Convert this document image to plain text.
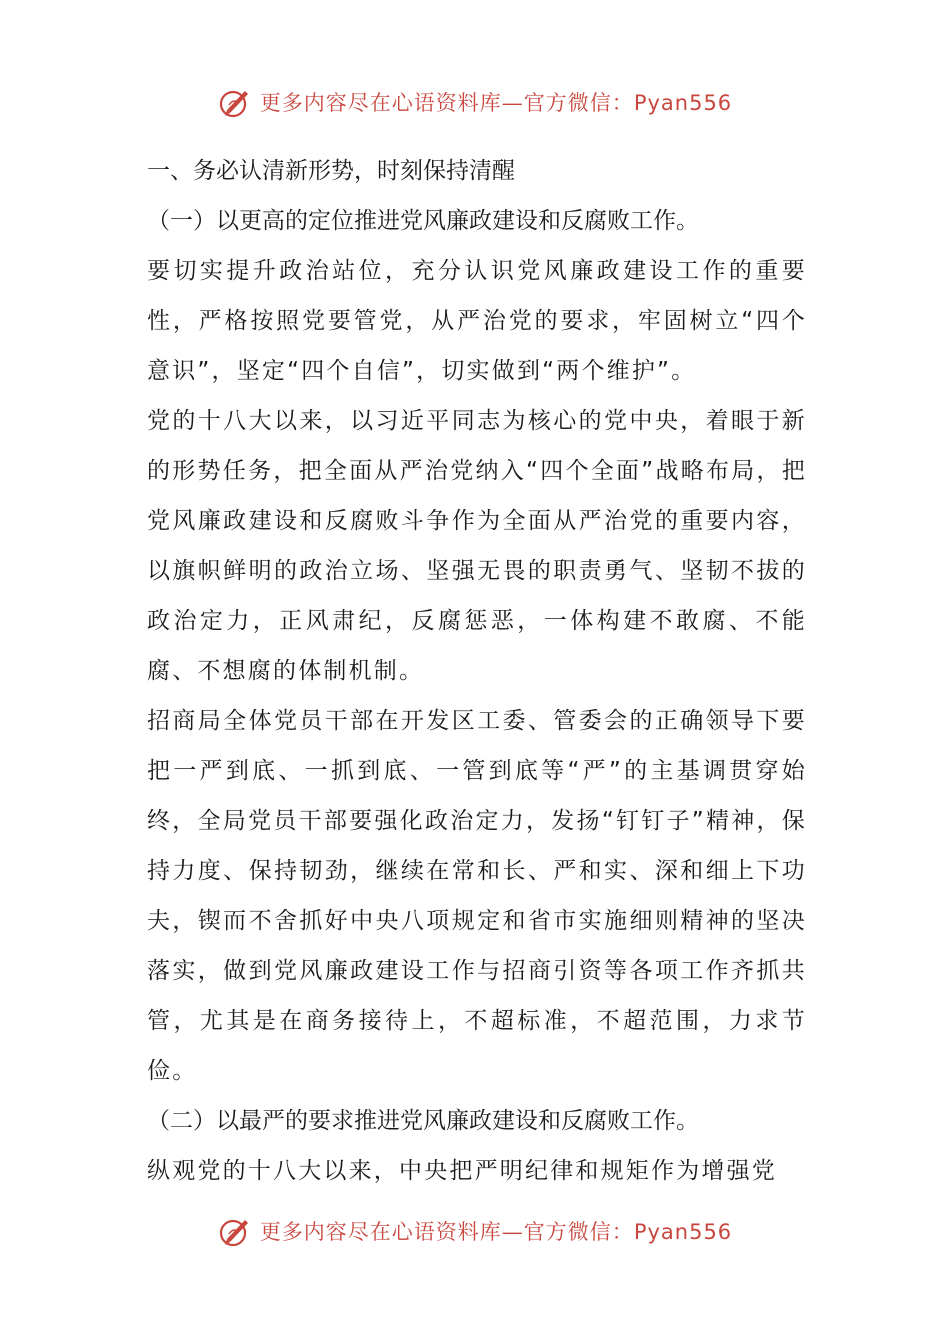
更多内容尽在心语资料库—官方微信：Pyan556

一、务必认清新形势，时刻保持清醒

（一）以更高的定位推进党风廉政建设和反腐败工作。

要切实提升政治站位，充分认识党风廉政建设工作的重要性，严格按照党要管党，从严治党的要求，牢固树立“四个意识”，坚定“四个自信”，切实做到“两个维护”。

党的十八大以来，以习近平同志为核心的党中央，着眼于新的形势任务，把全面从严治党纳入“四个全面”战略布局，把党风廉政建设和反腐败斗争作为全面从严治党的重要内容，以旗帜鲜明的政治立场、坚强无畏的职责勇气、坚韧不拔的政治定力，正风肃纪，反腐惩恶，一体构建不敢腐、不能腐、不想腐的体制机制。

招商局全体党员干部在开发区工委、管委会的正确领导下要把一严到底、一抓到底、一管到底等“严”的主基调贯穿始终，全局党员干部要强化政治定力，发扬“钉钉子”精神，保持力度、保持韧劲，继续在常和长、严和实、深和细上下功夫，锲而不舍抓好中央八项规定和省市实施细则精神的坚决落实，做到党风廉政建设工作与招商引资等各项工作齐抓共管，尤其是在商务接待上，不超标准，不超范围，力求节俭。

（二）以最严的要求推进党风廉政建设和反腐败工作。

纵观党的十八大以来，中央把严明纪律和规矩作为增强党

更多内容尽在心语资料库—官方微信：Pyan556
